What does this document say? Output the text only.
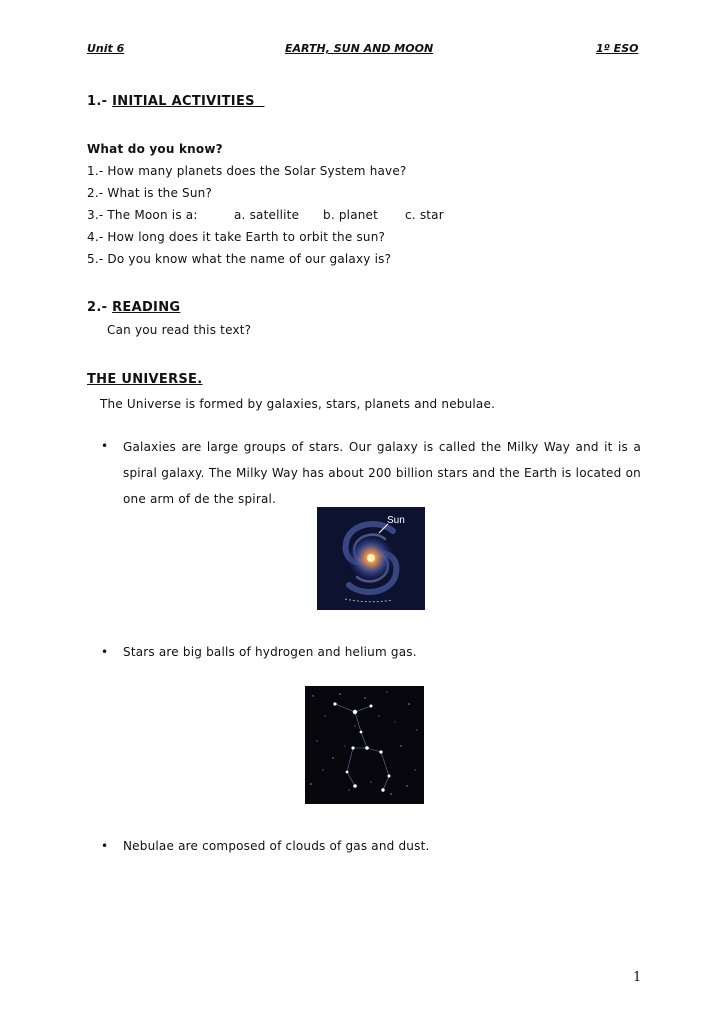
Unit 6	EARTH, SUN AND MOON	1º ESO
1.- INITIAL ACTIVITIES
What do you know?
1.- How many planets does the Solar System have?
2.- What is the Sun?
3.- The Moon is a:	a. satellite b. planet c. star
4.- How long does it take Earth to orbit the sun?
5.- Do you know what the name of our galaxy is?
2.- READING
Can you read this text?
THE UNIVERSE.
The Universe is formed by galaxies, stars, planets and nebulae.
• Galaxies are large groups of stars. Our galaxy is called the Milky Way and it is a spiral galaxy. The Milky Way has about 200 billion stars and the Earth is located on one arm of de the spiral.
Sun
• Stars are big balls of hydrogen and helium gas.
• Nebulae are composed of clouds of gas and dust.
1
